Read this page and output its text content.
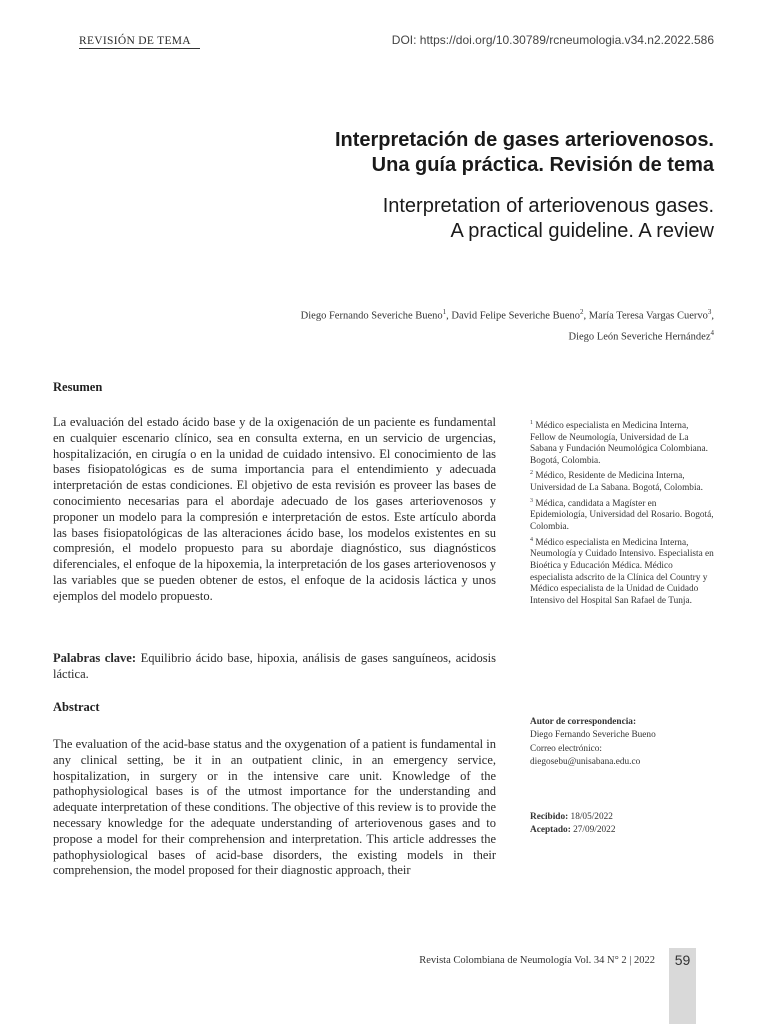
REVISIÓN DE TEMA	DOI: https://doi.org/10.30789/rcneumologia.v34.n2.2022.586
Interpretación de gases arteriovenosos.
Una guía práctica. Revisión de tema
Interpretation of arteriovenous gases.
A practical guideline. A review
Diego Fernando Severiche Bueno$^1$, David Felipe Severiche Bueno$^2$, María Teresa Vargas Cuervo$^3$,
Diego León Severiche Hernández$^4$
Resumen
La evaluación del estado ácido base y de la oxigenación de un paciente es fundamental en cualquier escenario clínico, sea en consulta externa, en un servicio de urgencias, hospitalización, en cirugía o en la unidad de cuidado intensivo. El conocimiento de las bases fisiopatológicas es de suma importancia para el entendimiento y adecuada interpretación de estas condiciones. El objetivo de esta revisión es proveer las bases de conocimiento necesarias para el abordaje adecuado de los gases arteriovenosos y proponer un modelo para la compresión e interpretación de estos. Este artículo aborda las bases fisiopatológicas de las alteraciones ácido base, los modelos existentes en su compresión, el modelo propuesto para su abordaje diagnóstico, sus diagnósticos diferenciales, el enfoque de la hipoxemia, la interpretación de los gases arteriovenosos y las variables que se pueden obtener de estos, el enfoque de la acidosis láctica y unos ejemplos del modelo propuesto.
Palabras clave: Equilibrio ácido base, hipoxia, análisis de gases sanguíneos, acidosis láctica.
Abstract
The evaluation of the acid-base status and the oxygenation of a patient is fundamental in any clinical setting, be it in an outpatient clinic, in an emergency service, hospitalization, in surgery or in the intensive care unit. Knowledge of the pathophysiological bases is of the utmost importance for the understanding and adequate interpretation of these conditions. The objective of this review is to provide the necessary knowledge for the adequate understanding of arteriovenous gases and to propose a model for their comprehension and interpretation. This article addresses the pathophysiological bases of acid-base disorders, the existing models in their comprehension, the model proposed for their diagnostic approach, their
$^1$ Médico especialista en Medicina Interna, Fellow de Neumología, Universidad de La Sabana y Fundación Neumológica Colombiana. Bogotá, Colombia.
$^2$ Médico, Residente de Medicina Interna, Universidad de La Sabana. Bogotá, Colombia.
$^3$ Médica, candidata a Magíster en Epidemiología, Universidad del Rosario. Bogotá, Colombia.
$^4$ Médico especialista en Medicina Interna, Neumología y Cuidado Intensivo. Especialista en Bioética y Educación Médica. Médico especialista adscrito de la Clínica del Country y Médico especialista de la Unidad de Cuidado Intensivo del Hospital San Rafael de Tunja.
Autor de correspondencia:
Diego Fernando Severiche Bueno
Correo electrónico:
diegosebu@unisabana.edu.co
Recibido: 18/05/2022
Aceptado: 27/09/2022
Revista Colombiana de Neumología Vol. 34 N° 2 | 2022	59
